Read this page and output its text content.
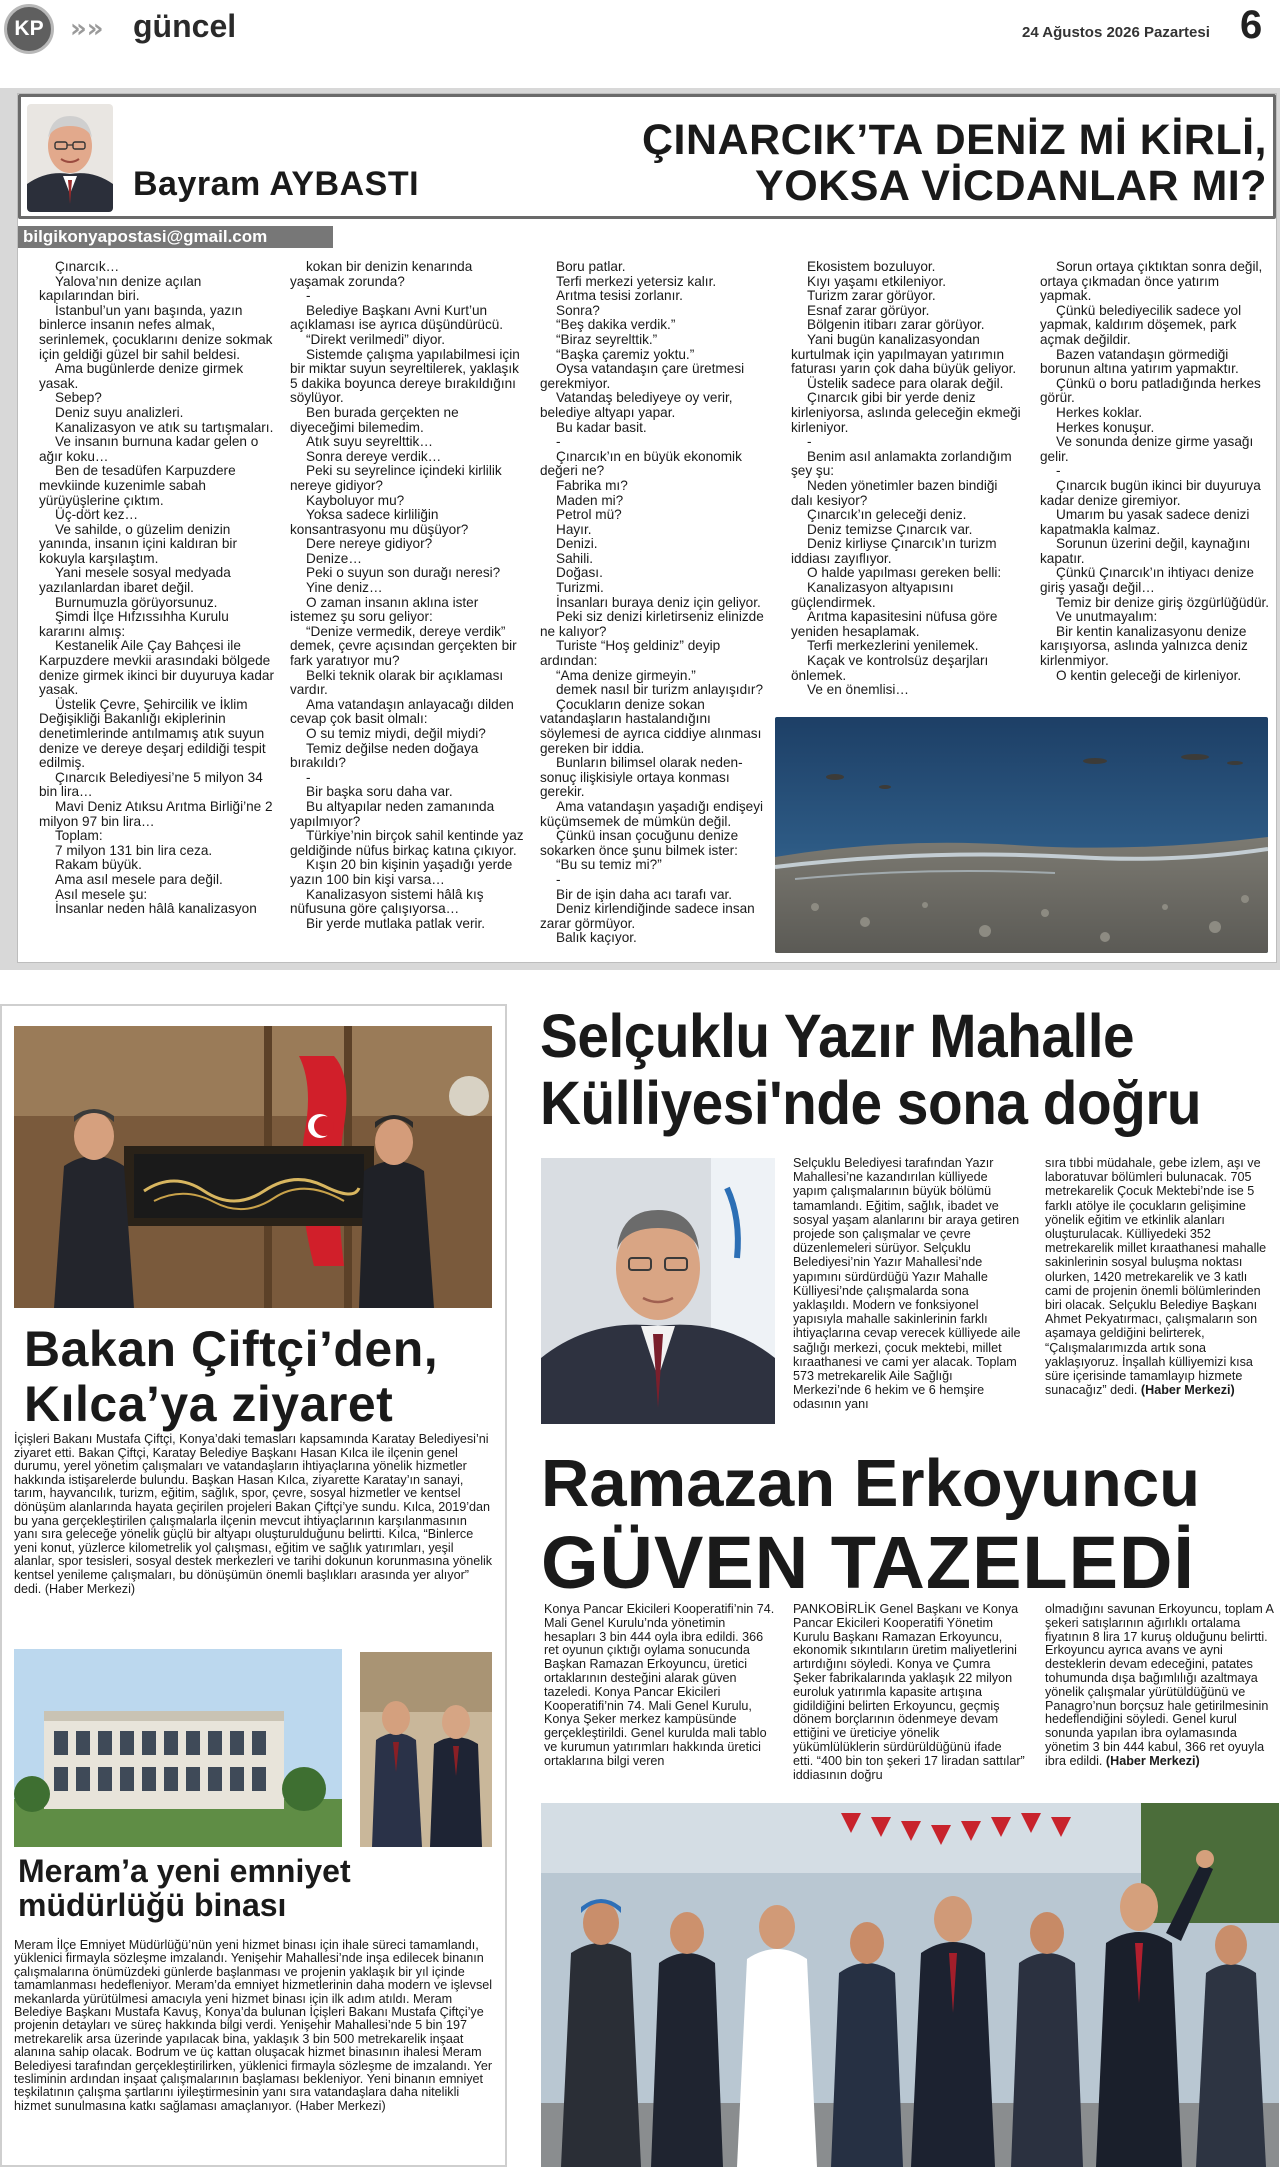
KP	»» güncel	24 Ağustos 2026 Pazartesi 6
Bayram AYBASTI
ÇINARCIK’TA DENİZ Mİ KİRLİ,
YOKSA VİCDANLAR MI?
bilgikonyapostasi@gmail.com

Çınarcık…

Yalova’nın denize açılan kapılarından biri.

İstanbul’un yanı başında, yazın binlerce insanın nefes almak, serinlemek, çocuklarını denize sokmak için geldiği güzel bir sahil beldesi.

Ama bugünlerde denize girmek yasak.

Sebep?

Deniz suyu analizleri.

Kanalizasyon ve atık su tartışmaları.

Ve insanın burnuna kadar gelen o ağır koku…

Ben de tesadüfen Karpuzdere mevkiinde kuzenimle sabah yürüyüşlerine çıktım.

Üç-dört kez…

Ve sahilde, o güzelim denizin yanında, insanın içini kaldıran bir kokuyla karşılaştım.

Yani mesele sosyal medyada yazılanlardan ibaret değil.

Burnumuzla görüyorsunuz.

Şimdi İlçe Hıfzıssıhha Kurulu kararını almış:

Kestanelik Aile Çay Bahçesi ile Karpuzdere mevkii arasındaki bölgede denize girmek ikinci bir duyuruya kadar yasak.

Üstelik Çevre, Şehircilik ve İklim Değişikliği Bakanlığı ekiplerinin denetimlerinde antılmamış atık suyun denize ve dereye deşarj edildiği tespit edilmiş.

Çınarcık Belediyesi’ne 5 milyon 34 bin lira…

Mavi Deniz Atıksu Arıtma Birliği’ne 2 milyon 97 bin lira…

Toplam:

7 milyon 131 bin lira ceza.

Rakam büyük.

Ama asıl mesele para değil.

Asıl mesele şu:

İnsanlar neden hâlâ kanalizasyon

kokan bir denizin kenarında yaşamak zorunda?

-

Belediye Başkanı Avni Kurt’un açıklaması ise ayrıca düşündürücü.

“Direkt verilmedi” diyor.

Sistemde çalışma yapılabilmesi için bir miktar suyun seyreltilerek, yaklaşık 5 dakika boyunca dereye bırakıldığını söylüyor.

Ben burada gerçekten ne diyeceğimi bilemedim.

Atık suyu seyrelttik…

Sonra dereye verdik…

Peki su seyrelince içindeki kirlilik nereye gidiyor?

Kayboluyor mu?

Yoksa sadece kirliliğin konsantrasyonu mu düşüyor?

Dere nereye gidiyor?

Denize…

Peki o suyun son durağı neresi?

Yine deniz…

O zaman insanın aklına ister istemez şu soru geliyor:

“Denize vermedik, dereye verdik” demek, çevre açısından gerçekten bir fark yaratıyor mu?

Belki teknik olarak bir açıklaması vardır.

Ama vatandaşın anlayacağı dilden cevap çok basit olmalı:

O su temiz miydi, değil miydi?

Temiz değilse neden doğaya bırakıldı?

-

Bir başka soru daha var.

Bu altyapılar neden zamanında yapılmıyor?

Türkiye’nin birçok sahil kentinde yaz geldiğinde nüfus birkaç katına çıkıyor.

Kışın 20 bin kişinin yaşadığı yerde yazın 100 bin kişi varsa…

Kanalizasyon sistemi hâlâ kış nüfusuna göre çalışıyorsa…

Bir yerde mutlaka patlak verir.

Boru patlar.

Terfi merkezi yetersiz kalır.

Arıtma tesisi zorlanır.

Sonra?

“Beş dakika verdik.”

“Biraz seyrelttik.”

“Başka çaremiz yoktu.”

Oysa vatandaşın çare üretmesi gerekmiyor.

Vatandaş belediyeye oy verir, belediye altyapı yapar.

Bu kadar basit.

-

Çınarcık’ın en büyük ekonomik değeri ne?

Fabrika mı?

Maden mi?

Petrol mü?

Hayır.

Denizi.

Sahili.

Doğası.

Turizmi.

İnsanları buraya deniz için geliyor.

Peki siz denizi kirletirseniz elinizde ne kalıyor?

Turiste “Hoş geldiniz” deyip ardından:

“Ama denize girmeyin.”

demek nasıl bir turizm anlayışıdır?

Çocukların denize sokan vatandaşların hastalandığını söylemesi de ayrıca ciddiye alınması gereken bir iddia.

Bunların bilimsel olarak neden-sonuç ilişkisiyle ortaya konması gerekir.

Ama vatandaşın yaşadığı endişeyi küçümsemek de mümkün değil.

Çünkü insan çocuğunu denize sokarken önce şunu bilmek ister:

“Bu su temiz mi?”

-

Bir de işin daha acı tarafı var.

Deniz kirlendiğinde sadece insan zarar görmüyor.

Balık kaçıyor.

Ekosistem bozuluyor.

Kıyı yaşamı etkileniyor.

Turizm zarar görüyor.

Esnaf zarar görüyor.

Bölgenin itibarı zarar görüyor.

Yani bugün kanalizasyondan kurtulmak için yapılmayan yatırımın faturası yarın çok daha büyük geliyor.

Üstelik sadece para olarak değil.

Çınarcık gibi bir yerde deniz kirleniyorsa, aslında geleceğin ekmeği kirleniyor.

-

Benim asıl anlamakta zorlandığım şey şu:

Neden yönetimler bazen bindiği dalı kesiyor?

Çınarcık’ın geleceği deniz.

Deniz temizse Çınarcık var.

Deniz kirliyse Çınarcık’ın turizm iddiası zayıflıyor.

O halde yapılması gereken belli:

Kanalizasyon altyapısını güçlendirmek.

Arıtma kapasitesini nüfusa göre yeniden hesaplamak.

Terfi merkezlerini yenilemek.

Kaçak ve kontrolsüz deşarjları önlemek.

Ve en önemlisi…

Sorun ortaya çıktıktan sonra değil, ortaya çıkmadan önce yatırım yapmak.

Çünkü belediyecilik sadece yol yapmak, kaldırım döşemek, park açmak değildir.

Bazen vatandaşın görmediği borunun altına yatırım yapmaktır.

Çünkü o boru patladığında herkes görür.

Herkes koklar.

Herkes konuşur.

Ve sonunda denize girme yasağı gelir.

-

Çınarcık bugün ikinci bir duyuruya kadar denize giremiyor.

Umarım bu yasak sadece denizi kapatmakla kalmaz.

Sorunun üzerini değil, kaynağını kapatır.

Çünkü Çınarcık’ın ihtiyacı denize giriş yasağı değil…

Temiz bir denize giriş özgürlüğüdür.

Ve unutmayalım:

Bir kentin kanalizasyonu denize karışıyorsa, aslında yalnızca deniz kirlenmiyor.

O kentin geleceği de kirleniyor.

Bakan Çiftçi’den,
Kılca’ya ziyaret
İçişleri Bakanı Mustafa Çiftçi, Konya’daki temasları kapsamında Karatay Belediyesi’ni ziyaret etti. Bakan Çiftçi, Karatay Belediye Başkanı Hasan Kılca ile ilçenin genel durumu, yerel yönetim çalışmaları ve vatandaşların ihtiyaçlarına yönelik hizmetler hakkında istişarelerde bulundu. Başkan Hasan Kılca, ziyarette Karatay’ın sanayi, tarım, hayvancılık, turizm, eğitim, sağlık, spor, çevre, sosyal hizmetler ve kentsel dönüşüm alanlarında hayata geçirilen projeleri Bakan Çiftçi’ye sundu. Kılca, 2019’dan bu yana gerçekleştirilen çalışmalarla ilçenin mevcut ihtiyaçlarının karşılanmasının yanı sıra geleceğe yönelik güçlü bir altyapı oluşturulduğunu belirtti. Kılca, “Binlerce yeni konut, yüzlerce kilometrelik yol çalışması, eğitim ve sağlık yatırımları, yeşil alanlar, spor tesisleri, sosyal destek merkezleri ve tarihi dokunun korunmasına yönelik kentsel yenileme çalışmaları, bu dönüşümün önemli başlıkları arasında yer alıyor” dedi. (Haber Merkezi)
Meram’a yeni emniyet
müdürlüğü binası
Meram İlçe Emniyet Müdürlüğü’nün yeni hizmet binası için ihale süreci tamamlandı, yüklenici firmayla sözleşme imzalandı. Yenişehir Mahallesi’nde inşa edilecek binanın çalışmalarına önümüzdeki günlerde başlanması ve projenin yaklaşık bir yıl içinde tamamlanması hedefleniyor. Meram’da emniyet hizmetlerinin daha modern ve işlevsel mekanlarda yürütülmesi amacıyla yeni hizmet binası için ilk adım atıldı. Meram Belediye Başkanı Mustafa Kavuş, Konya’da bulunan İçişleri Bakanı Mustafa Çiftçi’ye projenin detayları ve süreç hakkında bilgi verdi. Yenişehir Mahallesi’nde 5 bin 197 metrekarelik arsa üzerinde yapılacak bina, yaklaşık 3 bin 500 metrekarelik inşaat alanına sahip olacak. Bodrum ve üç kattan oluşacak hizmet binasının ihalesi Meram Belediyesi tarafından gerçekleştirilirken, yüklenici firmayla sözleşme de imzalandı. Yer tesliminin ardından inşaat çalışmalarının başlaması bekleniyor. Yeni binanın emniyet teşkilatının çalışma şartlarını iyileştirmesinin yanı sıra vatandaşlara daha nitelikli hizmet sunulmasına katkı sağlaması amaçlanıyor. (Haber Merkezi)
Selçuklu Yazır Mahalle
Külliyesi'nde sona doğru
Selçuklu Belediyesi tarafından Yazır Mahallesi’ne kazandırılan külliyede yapım çalışmalarının büyük bölümü tamamlandı. Eğitim, sağlık, ibadet ve sosyal yaşam alanlarını bir araya getiren projede son çalışmalar ve çevre düzenlemeleri sürüyor. Selçuklu Belediyesi’nin Yazır Mahallesi’nde yapımını sürdürdüğü Yazır Mahalle Külliyesi’nde çalışmalarda sona yaklaşıldı. Modern ve fonksiyonel yapısıyla mahalle sakinlerinin farklı ihtiyaçlarına cevap verecek külliyede aile sağlığı merkezi, çocuk mektebi, millet kıraathanesi ve cami yer alacak. Toplam 573 metrekarelik Aile Sağlığı Merkezi’nde 6 hekim ve 6 hemşire odasının yanı
sıra tıbbi müdahale, gebe izlem, aşı ve laboratuvar bölümleri bulunacak. 705 metrekarelik Çocuk Mektebi’nde ise 5 farklı atölye ile çocukların gelişimine yönelik eğitim ve etkinlik alanları oluşturulacak. Külliyedeki 352 metrekarelik millet kıraathanesi mahalle sakinlerinin sosyal buluşma noktası olurken, 1420 metrekarelik ve 3 katlı cami de projenin önemli bölümlerinden biri olacak. Selçuklu Belediye Başkanı Ahmet Pekyatırmacı, çalışmaların son aşamaya geldiğini belirterek, “Çalışmalarımızda artık sona yaklaşıyoruz. İnşallah külliyemizi kısa süre içerisinde tamamlayıp hizmete sunacağız” dedi. (Haber Merkezi)
Ramazan Erkoyuncu
GÜVEN TAZELEDİ
Konya Pancar Ekicileri Kooperatifi’nin 74. Mali Genel Kurulu’nda yönetimin hesapları 3 bin 444 oyla ibra edildi. 366 ret oyunun çıktığı oylama sonucunda Başkan Ramazan Erkoyuncu, üretici ortaklarının desteğini alarak güven tazeledi. Konya Pancar Ekicileri Kooperatifi’nin 74. Mali Genel Kurulu, Konya Şeker merkez kampüsünde gerçekleştirildi. Genel kurulda mali tablo ve kurumun yatırımları hakkında üretici ortaklarına bilgi veren
PANKOBİRLİK Genel Başkanı ve Konya Pancar Ekicileri Kooperatifi Yönetim Kurulu Başkanı Ramazan Erkoyuncu, ekonomik sıkıntıların üretim maliyetlerini artırdığını söyledi. Konya ve Çumra Şeker fabrikalarında yaklaşık 22 milyon euroluk yatırımla kapasite artışına gidildiğini belirten Erkoyuncu, geçmiş dönem borçlarının ödenmeye devam ettiğini ve üreticiye yönelik yükümlülüklerin sürdürüldüğünü ifade etti. “400 bin ton şekeri 17 liradan sattılar” iddiasının doğru
olmadığını savunan Erkoyuncu, toplam A şekeri satışlarının ağırlıklı ortalama fiyatının 8 lira 17 kuruş olduğunu belirtti. Erkoyuncu ayrıca avans ve ayni desteklerin devam edeceğini, patates tohumunda dışa bağımlılığı azaltmaya yönelik çalışmalar yürütüldüğünü ve Panagro’nun borçsuz hale getirilmesinin hedeflendiğini söyledi. Genel kurul sonunda yapılan ibra oylamasında yönetim 3 bin 444 kabul, 366 ret oyuyla ibra edildi. (Haber Merkezi)
